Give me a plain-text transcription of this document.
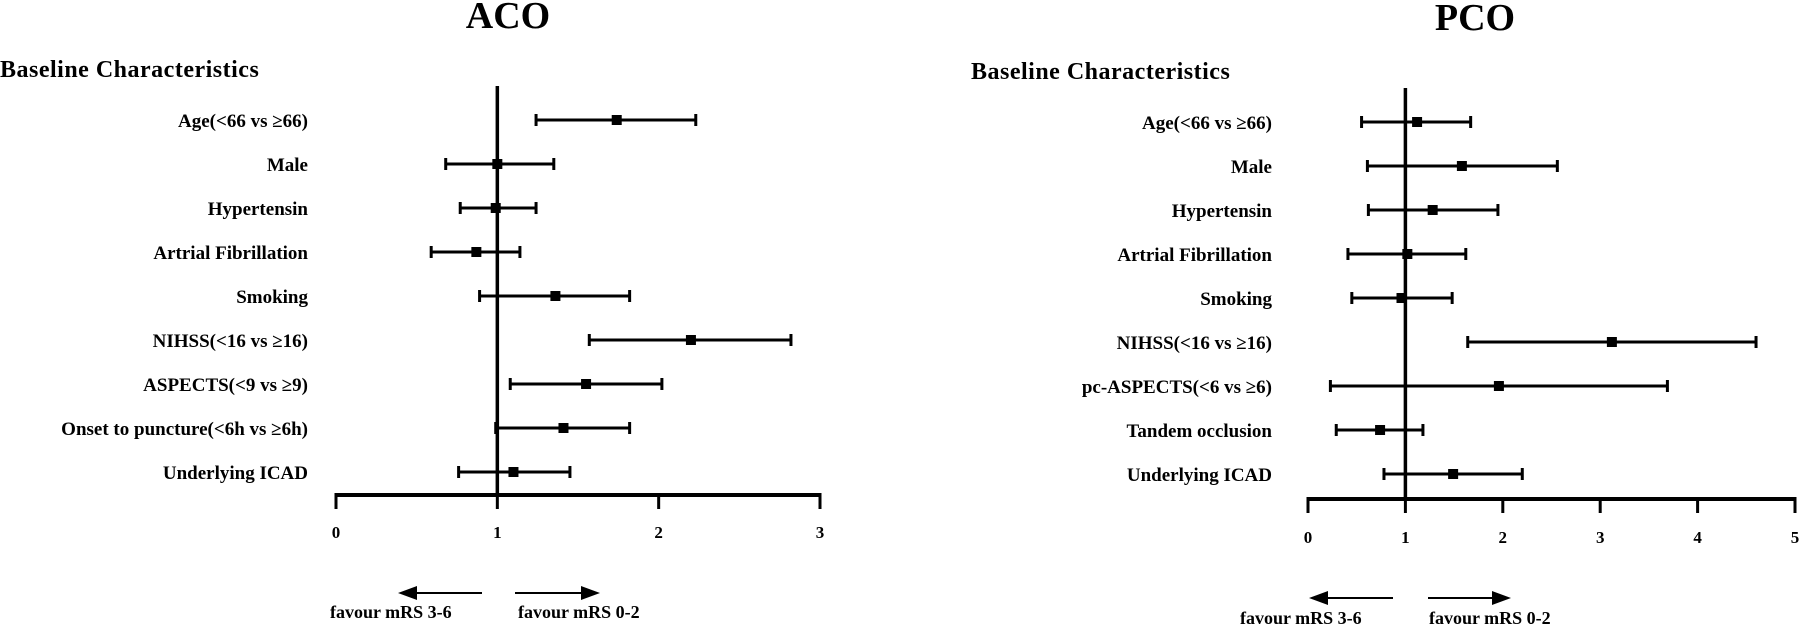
ACO
Baseline Characteristics
Age(<66 vs ≥66)
Male
Hypertensin
Artrial Fibrillation
Smoking
NIHSS(<16 vs ≥16)
ASPECTS(<9 vs ≥9)
Onset to puncture(<6h vs ≥6h)
Underlying ICAD
0	1	2	3
favour mRS 3-6	favour mRS 0-2
PCO
Baseline Characteristics
Age(<66 vs ≥66)
Male
Hypertensin
Artrial Fibrillation
Smoking
NIHSS(<16 vs ≥16)
pc-ASPECTS(<6 vs ≥6)
Tandem occlusion
Underlying ICAD
0	1	2	3	4	5
favour mRS 3-6	favour mRS 0-2
